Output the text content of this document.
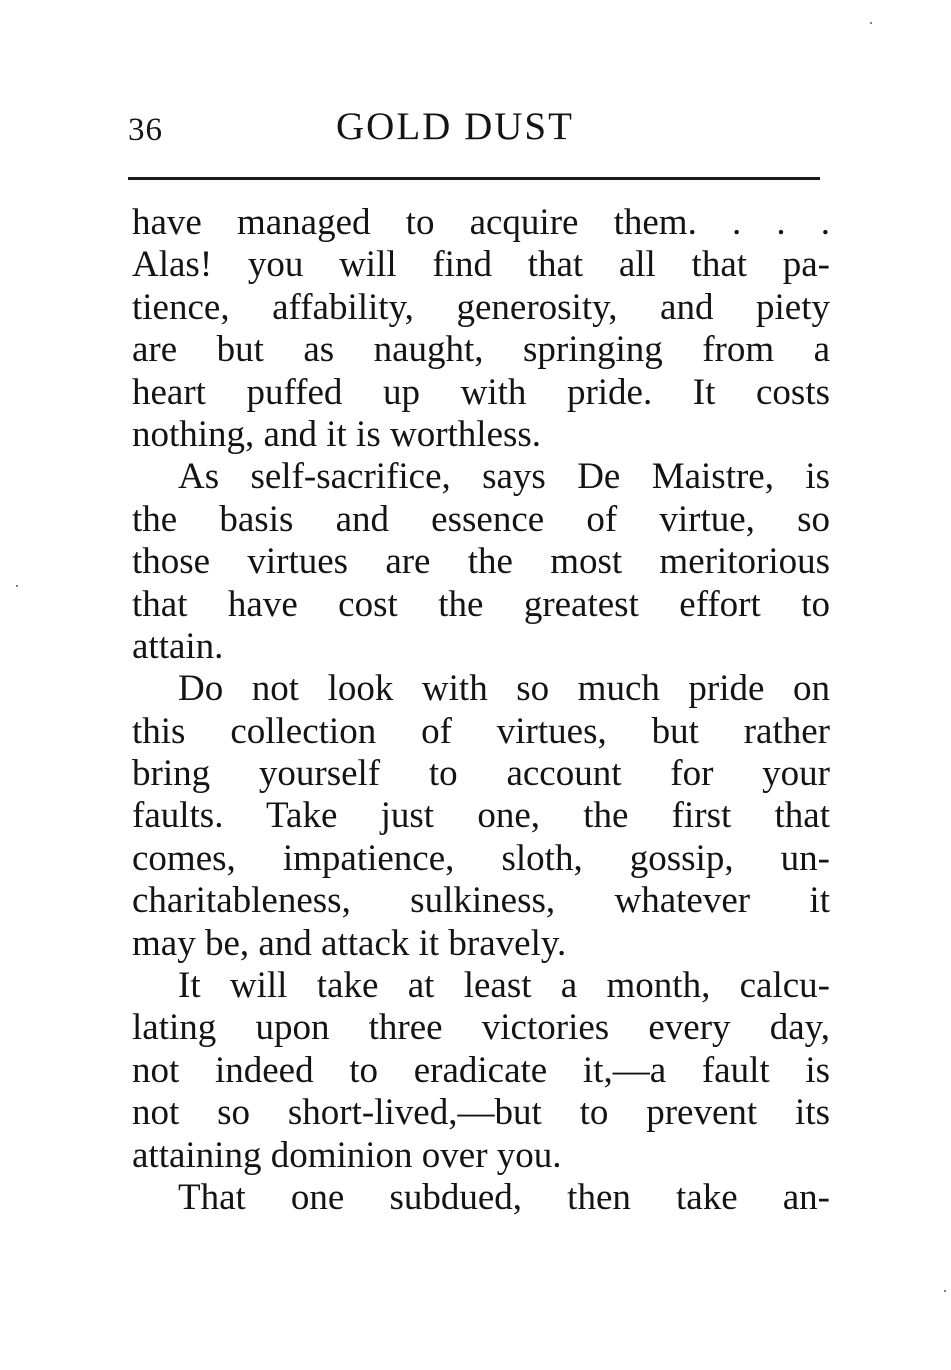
36	GOLD DUST
have managed to acquire them. . . .
Alas! you will find that all that pa-
tience, affability, generosity, and piety
are but as naught, springing from a
heart puffed up with pride. It costs
nothing, and it is worthless.
As self-sacrifice, says De Maistre, is
the basis and essence of virtue, so
those virtues are the most meritorious
that have cost the greatest effort to
attain.
Do not look with so much pride on
this collection of virtues, but rather
bring yourself to account for your
faults. Take just one, the first that
comes, impatience, sloth, gossip, un-
charitableness, sulkiness, whatever it
may be, and attack it bravely.
It will take at least a month, calcu-
lating upon three victories every day,
not indeed to eradicate it,—a fault is
not so short-lived,—but to prevent its
attaining dominion over you.
That one subdued, then take an-
